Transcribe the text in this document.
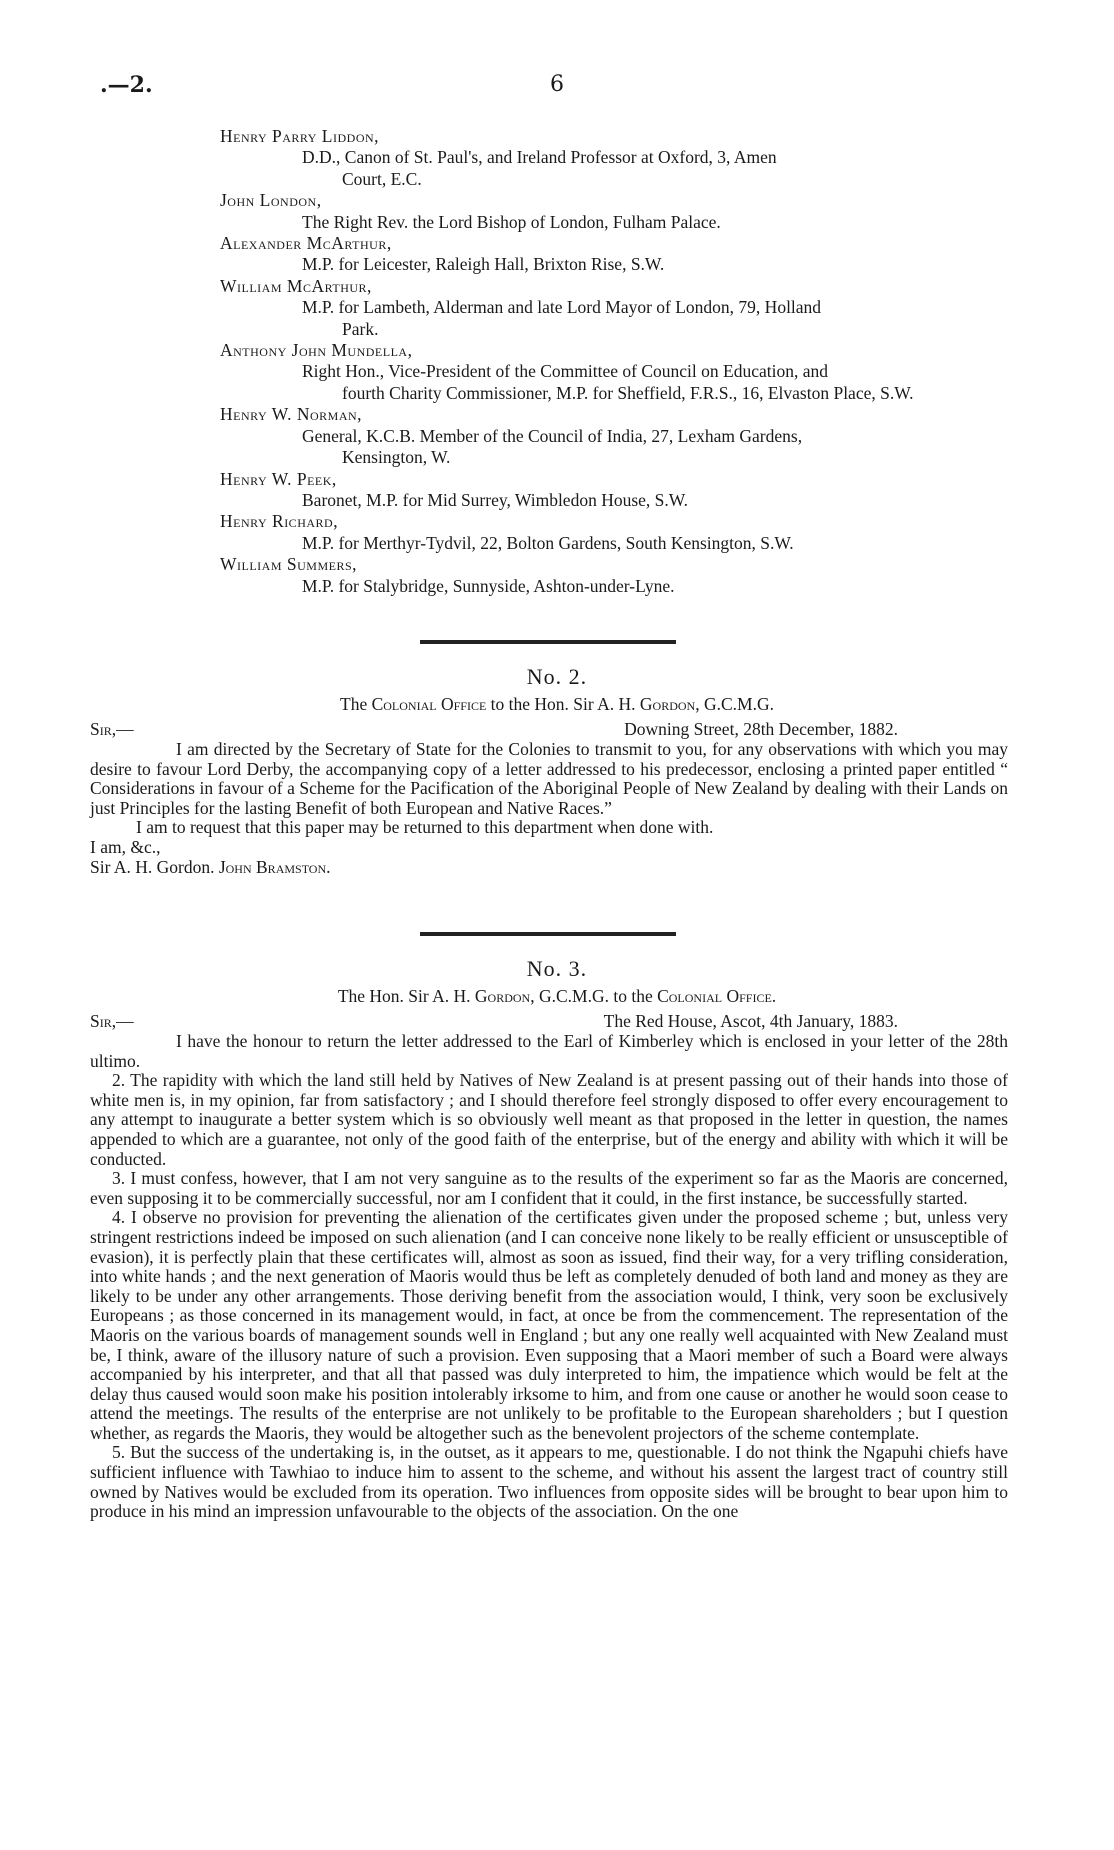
.—2.	6
Henry Parry Liddon,
D.D., Canon of St. Paul's, and Ireland Professor at Oxford, 3, Amen
Court, E.C.
John London,
The Right Rev. the Lord Bishop of London, Fulham Palace.
Alexander McArthur,
M.P. for Leicester, Raleigh Hall, Brixton Rise, S.W.
William McArthur,
M.P. for Lambeth, Alderman and late Lord Mayor of London, 79, Holland
Park.
Anthony John Mundella,
Right Hon., Vice-President of the Committee of Council on Education, and
fourth Charity Commissioner, M.P. for Sheffield, F.R.S., 16, Elvaston Place, S.W.
Henry W. Norman,
General, K.C.B. Member of the Council of India, 27, Lexham Gardens,
Kensington, W.
Henry W. Peek,
Baronet, M.P. for Mid Surrey, Wimbledon House, S.W.
Henry Richard,
M.P. for Merthyr-Tydvil, 22, Bolton Gardens, South Kensington, S.W.
William Summers,
M.P. for Stalybridge, Sunnyside, Ashton-under-Lyne.
No. 2.
The Colonial Office to the Hon. Sir A. H. Gordon, G.C.M.G.
Sir,—	Downing Street, 28th December, 1882.

I am directed by the Secretary of State for the Colonies to transmit to you, for any observations with which you may desire to favour Lord Derby, the accompanying copy of a letter addressed to his predecessor, enclosing a printed paper entitled “ Considerations in favour of a Scheme for the Pacification of the Aboriginal People of New Zealand by dealing with their Lands on just Principles for the lasting Benefit of both European and Native Races.”

I am to request that this paper may be returned to this department when done with.

I am, &c.,
Sir A. H. Gordon. John Bramston.
No. 3.
The Hon. Sir A. H. Gordon, G.C.M.G. to the Colonial Office.
Sir,—	The Red House, Ascot, 4th January, 1883.

I have the honour to return the letter addressed to the Earl of Kimberley which is enclosed in your letter of the 28th ultimo.

2. The rapidity with which the land still held by Natives of New Zealand is at present passing out of their hands into those of white men is, in my opinion, far from satisfactory ; and I should therefore feel strongly disposed to offer every encouragement to any attempt to inaugurate a better system which is so obviously well meant as that proposed in the letter in question, the names appended to which are a guarantee, not only of the good faith of the enterprise, but of the energy and ability with which it will be conducted.

3. I must confess, however, that I am not very sanguine as to the results of the experiment so far as the Maoris are concerned, even supposing it to be commercially successful, nor am I confident that it could, in the first instance, be successfully started.

4. I observe no provision for preventing the alienation of the certificates given under the proposed scheme ; but, unless very stringent restrictions indeed be imposed on such alienation (and I can conceive none likely to be really efficient or unsusceptible of evasion), it is perfectly plain that these certificates will, almost as soon as issued, find their way, for a very trifling consideration, into white hands ; and the next generation of Maoris would thus be left as completely denuded of both land and money as they are likely to be under any other arrangements. Those deriving benefit from the association would, I think, very soon be exclusively Europeans ; as those concerned in its management would, in fact, at once be from the commencement. The representation of the Maoris on the various boards of management sounds well in England ; but any one really well acquainted with New Zealand must be, I think, aware of the illusory nature of such a provision. Even supposing that a Maori member of such a Board were always accompanied by his interpreter, and that all that passed was duly interpreted to him, the impatience which would be felt at the delay thus caused would soon make his position intolerably irksome to him, and from one cause or another he would soon cease to attend the meetings. The results of the enterprise are not unlikely to be profitable to the European shareholders ; but I question whether, as regards the Maoris, they would be altogether such as the benevolent projectors of the scheme contemplate.

5. But the success of the undertaking is, in the outset, as it appears to me, questionable. I do not think the Ngapuhi chiefs have sufficient influence with Tawhiao to induce him to assent to the scheme, and without his assent the largest tract of country still owned by Natives would be excluded from its operation. Two influences from opposite sides will be brought to bear upon him to produce in his mind an impression unfavourable to the objects of the association. On the one
